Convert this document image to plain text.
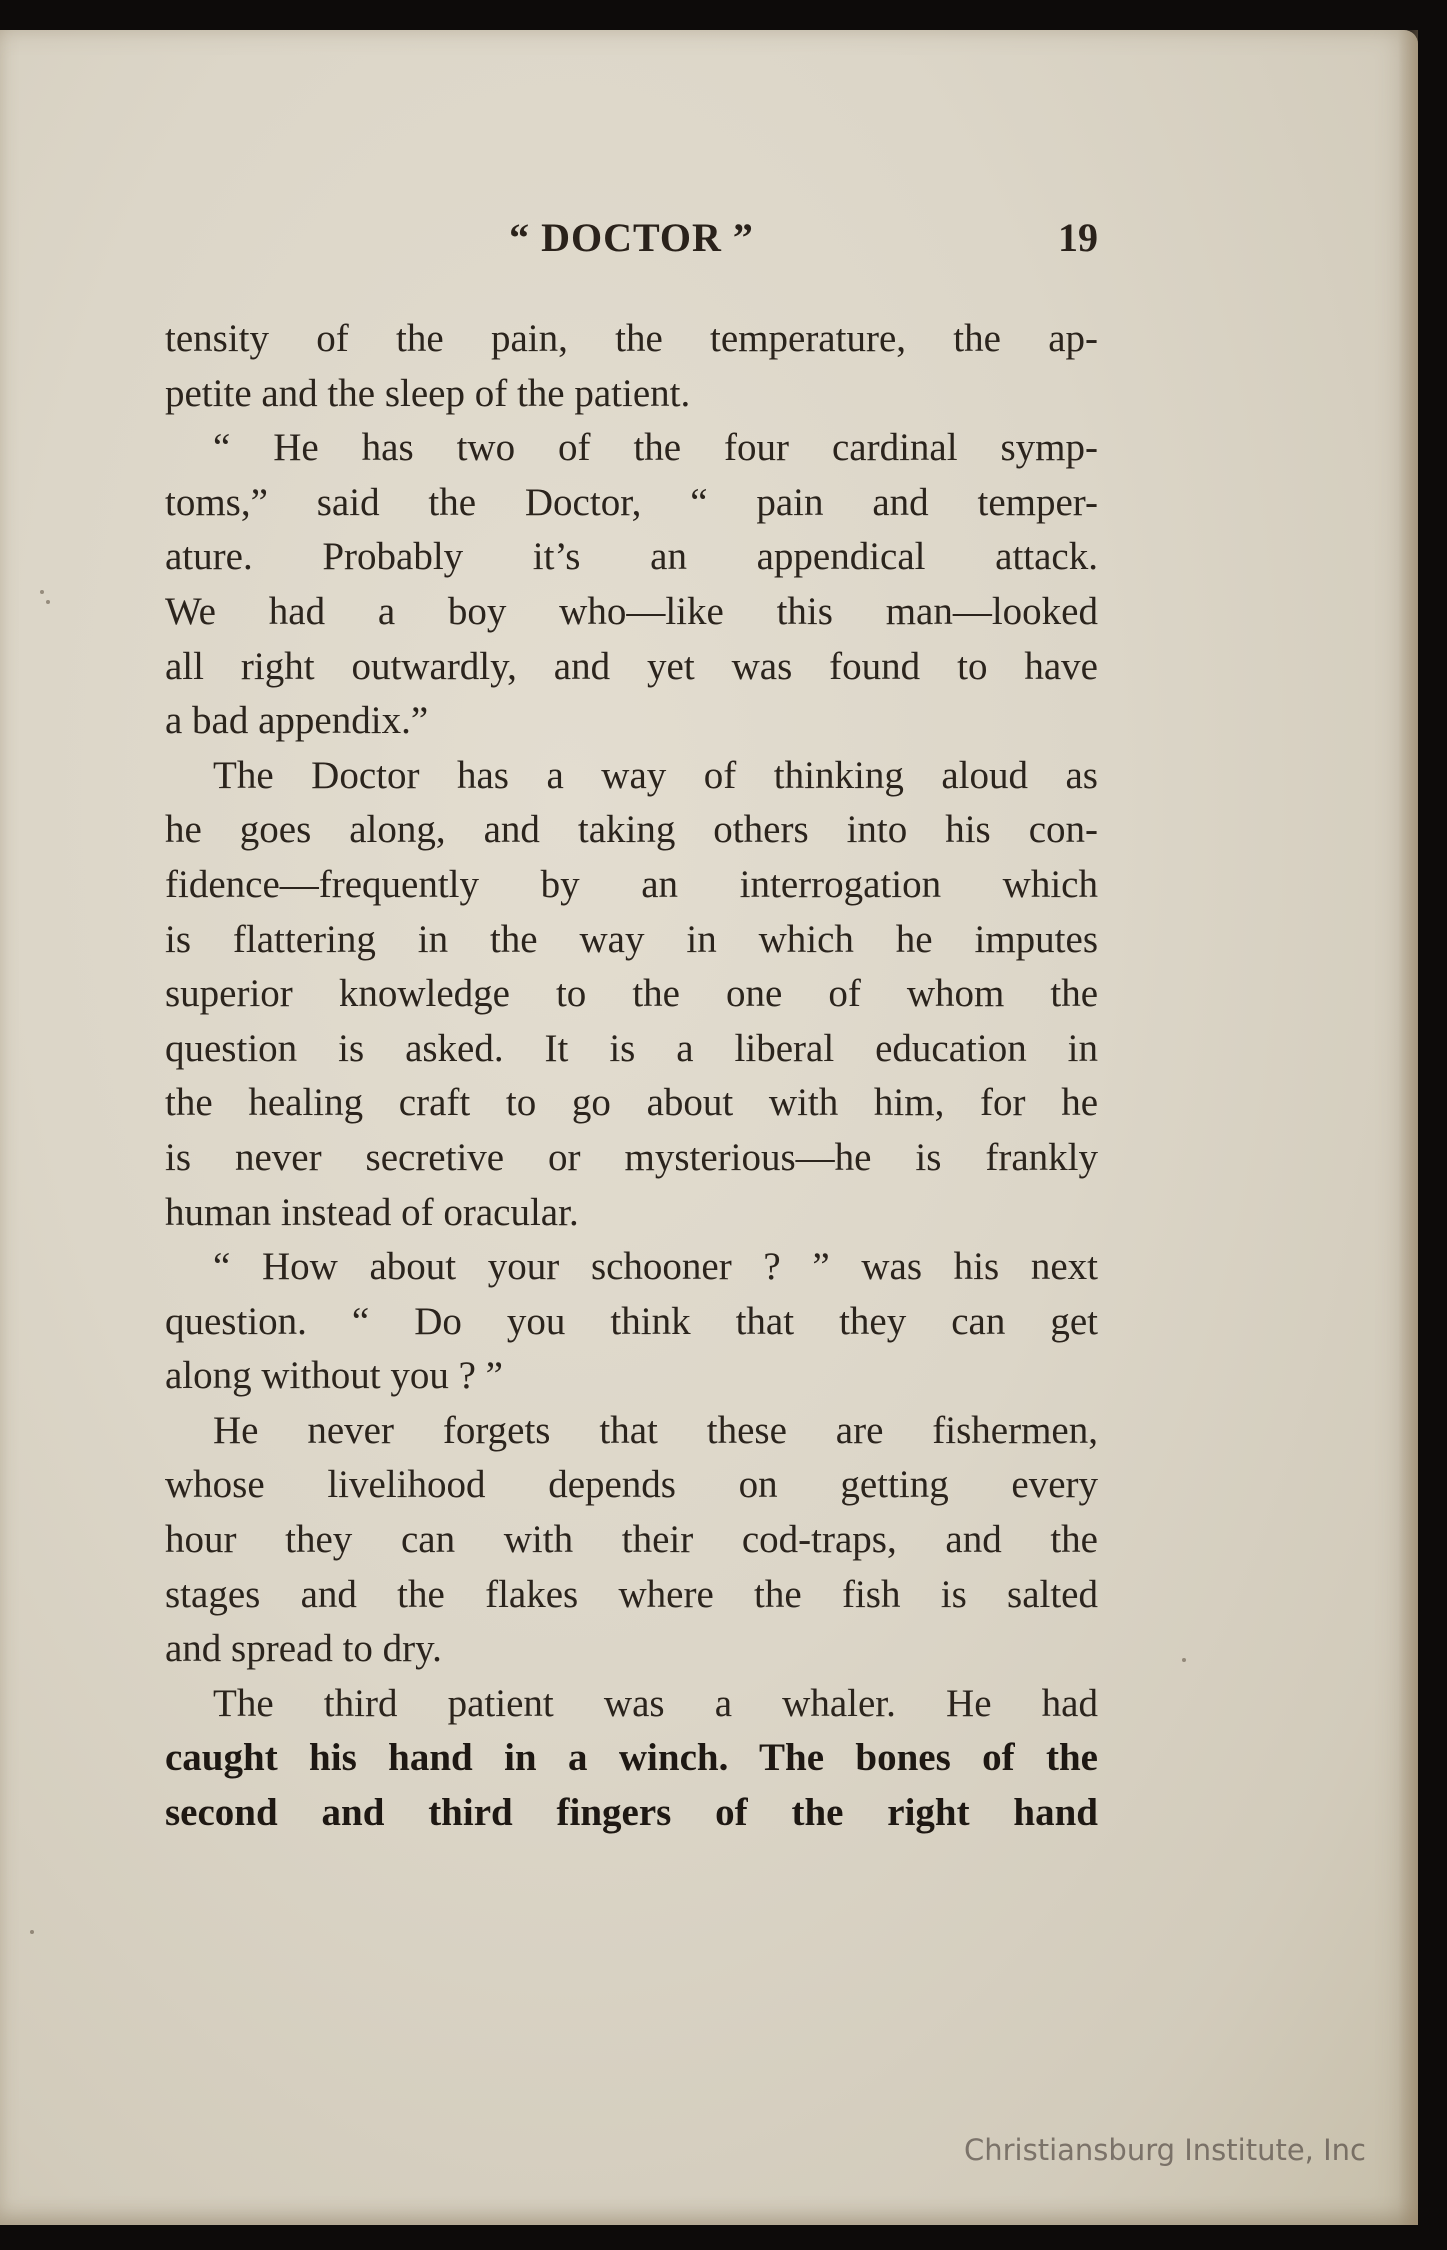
“ DOCTOR ”	19

tensity of the pain, the temperature, the ap-
petite and the sleep of the patient.

“ He has two of the four cardinal symp-
toms,” said the Doctor, “ pain and temper-
ature. Probably it’s an appendical attack.
We had a boy who—like this man—looked
all right outwardly, and yet was found to have
a bad appendix.”

The Doctor has a way of thinking aloud as
he goes along, and taking others into his con-
fidence—frequently by an interrogation which
is flattering in the way in which he imputes
superior knowledge to the one of whom the
question is asked. It is a liberal education in
the healing craft to go about with him, for he
is never secretive or mysterious—he is frankly
human instead of oracular.

“ How about your schooner ? ” was his next
question. “ Do you think that they can get
along without you ? ”

He never forgets that these are fishermen,
whose livelihood depends on getting every
hour they can with their cod-traps, and the
stages and the flakes where the fish is salted
and spread to dry.

The third patient was a whaler. He had
caught his hand in a winch. The bones of the
second and third fingers of the right hand

Christiansburg Institute, Inc
